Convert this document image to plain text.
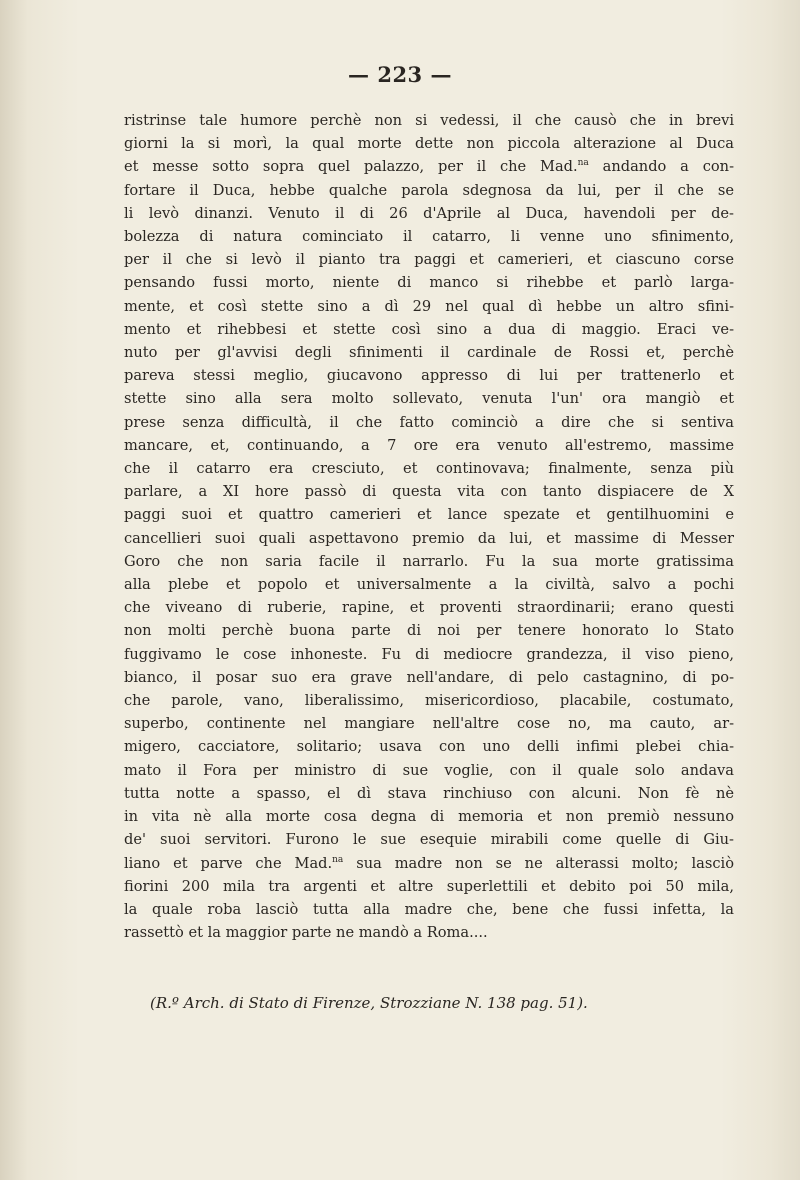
— 223 —
ristrinse tale humore perchè non si vedessi, il che causò che in brevi
giorni la si morì, la qual morte dette non piccola alterazione al Duca
et messe sotto sopra quel palazzo, per il che Mad.$^{na}$ andando a con-
fortare il Duca, hebbe qualche parola sdegnosa da lui, per il che se
li levò dinanzi. Venuto il di 26 d'Aprile al Duca, havendoli per de-
bolezza di natura cominciato il catarro, li venne uno sfinimento,
per il che si levò il pianto tra paggi et camerieri, et ciascuno corse
pensando fussi morto, niente di manco si rihebbe et parlò larga-
mente, et così stette sino a dì 29 nel qual dì hebbe un altro sfini-
mento et rihebbesi et stette così sino a dua di maggio. Eraci ve-
nuto per gl'avvisi degli sfinimenti il cardinale de Rossi et, perchè
pareva stessi meglio, giucavono appresso di lui per trattenerlo et
stette sino alla sera molto sollevato, venuta l'un' ora mangiò et
prese senza difficultà, il che fatto cominciò a dire che si sentiva
mancare, et, continuando, a 7 ore era venuto all'estremo, massime
che il catarro era cresciuto, et continovava; finalmente, senza più
parlare, a XI hore passò di questa vita con tanto dispiacere de X
paggi suoi et quattro camerieri et lance spezate et gentilhuomini e
cancellieri suoi quali aspettavono premio da lui, et massime di Messer
Goro che non saria facile il narrarlo. Fu la sua morte gratissima
alla plebe et popolo et universalmente a la civiltà, salvo a pochi
che viveano di ruberie, rapine, et proventi straordinarii; erano questi
non molti perchè buona parte di noi per tenere honorato lo Stato
fuggivamo le cose inhoneste. Fu di mediocre grandezza, il viso pieno,
bianco, il posar suo era grave nell'andare, di pelo castagnino, di po-
che parole, vano, liberalissimo, misericordioso, placabile, costumato,
superbo, continente nel mangiare nell'altre cose no, ma cauto, ar-
migero, cacciatore, solitario; usava con uno delli infimi plebei chia-
mato il Fora per ministro di sue voglie, con il quale solo andava
tutta notte a spasso, el dì stava rinchiuso con alcuni. Non fè nè
in vita nè alla morte cosa degna di memoria et non premiò nessuno
de' suoi servitori. Furono le sue esequie mirabili come quelle di Giu-
liano et parve che Mad.$^{na}$ sua madre non se ne alterassi molto; lasciò
fiorini 200 mila tra argenti et altre superlettili et debito poi 50 mila,
la quale roba lasciò tutta alla madre che, bene che fussi infetta, la
rassettò et la maggior parte ne mandò a Roma....
(R.º Arch. di Stato di Firenze, Strozziane N. 138 pag. 51).
